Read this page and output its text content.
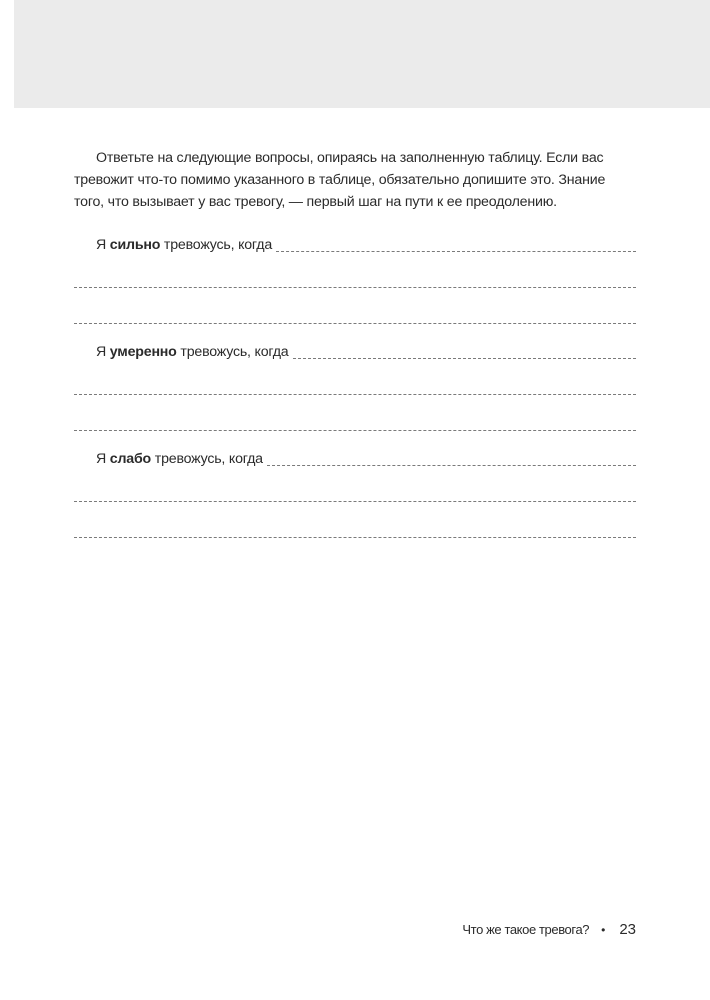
Ответьте на следующие вопросы, опираясь на заполненную таблицу. Если вас тревожит что-то помимо указанного в таблице, обязательно допишите это. Знание того, что вызывает у вас тревогу, — первый шаг на пути к ее преодолению.

Я сильно тревожусь, когда
Я умеренно тревожусь, когда
Я слабо тревожусь, когда
Что же такое тревога? • 23
